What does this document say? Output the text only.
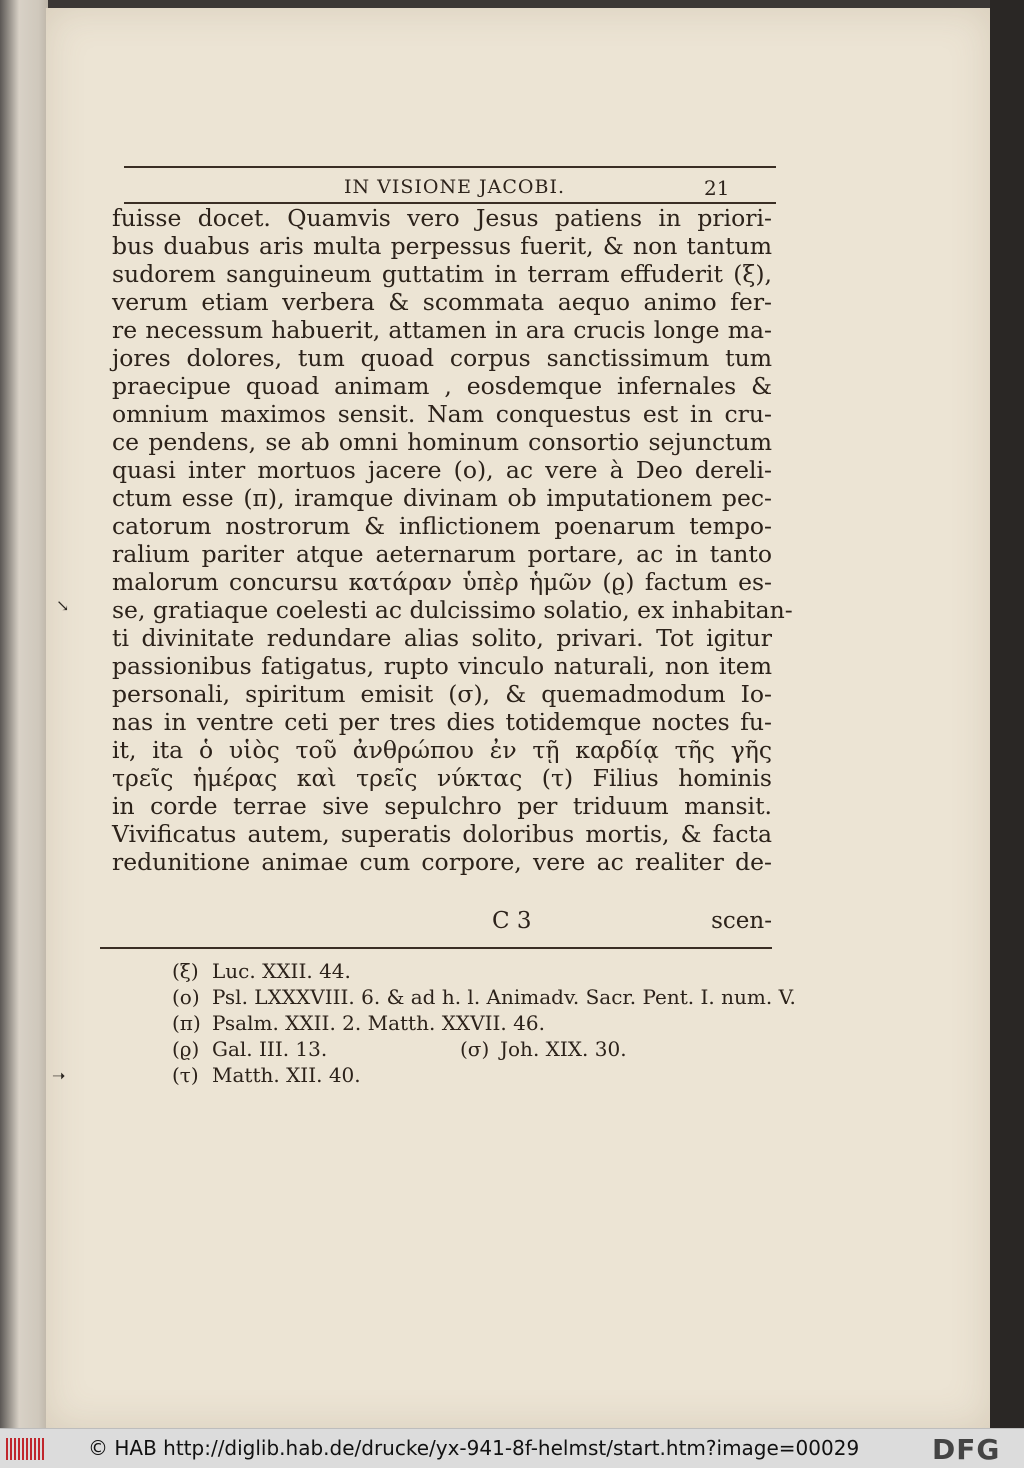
↘
➝
IN VISIONE JACOBI.	21
fuisse docet. Quamvis vero Jesus patiens in priori-
bus duabus aris multa perpessus fuerit, & non tantum
sudorem sanguineum guttatim in terram effuderit (ξ),
verum etiam verbera & scommata aequo animo fer-
re necessum habuerit, attamen in ara crucis longe ma-
jores dolores, tum quoad corpus sanctissimum tum
praecipue quoad animam , eosdemque infernales &
omnium maximos sensit. Nam conquestus est in cru-
ce pendens, se ab omni hominum consortio sejunctum
quasi inter mortuos jacere (ο), ac vere à Deo dereli-
ctum esse (π), iramque divinam ob imputationem pec-
catorum nostrorum & inflictionem poenarum tempo-
ralium pariter atque aeternarum portare, ac in tanto
malorum concursu κατάραν ὑπὲρ ἡμῶν (ϱ) factum es-
se, gratiaque coelesti ac dulcissimo solatio, ex inhabitan-
ti divinitate redundare alias solito, privari. Tot igitur
passionibus fatigatus, rupto vinculo naturali, non item
personali, spiritum emisit (σ), & quemadmodum Io-
nas in ventre ceti per tres dies totidemque noctes fu-
it, ita ὁ υἱὸς τοῦ ἀνθρώπου ἐν τῇ καρδίᾳ τῆς γῆς
τρεῖς ἡμέρας καὶ τρεῖς νύκτας (τ) Filius hominis
in corde terrae sive sepulchro per triduum mansit.
Vivificatus autem, superatis doloribus mortis, & facta
redunitione animae cum corpore, vere ac realiter de-
C 3	scen-
(ξ) Luc. XXII. 44.
(ο) Psl. LXXXVIII. 6. & ad h. l. Animadv. Sacr. Pent. I. num. V.
(π) Psalm. XXII. 2. Matth. XXVII. 46.
(ϱ) Gal. III. 13.	(σ) Joh. XIX. 30.
(τ) Matth. XII. 40.
© HAB http://diglib.hab.de/drucke/yx-941-8f-helmst/start.htm?image=00029	DFG
